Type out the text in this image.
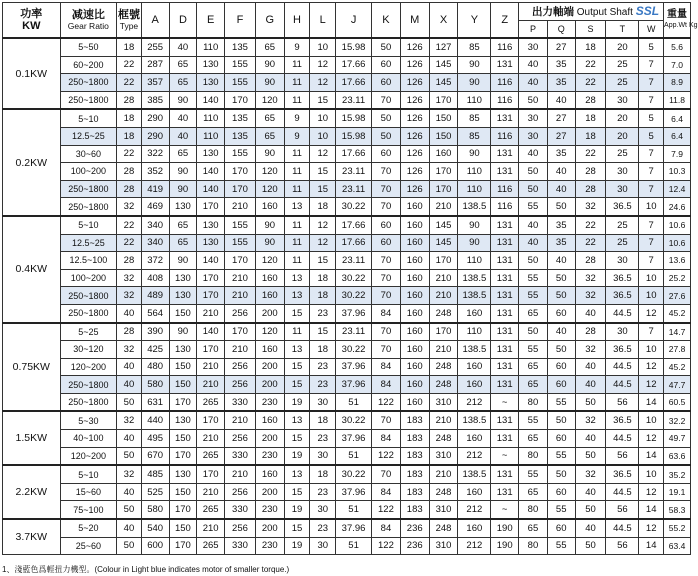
功率
KW	减速比
Gear Ratio	框號
Type	A	D	E	F	G	H	L	J	K	M	X	Y	Z	出力軸端 Output Shaft SSL					重量
App.Wt Kg

																P	Q	S	T	W	
0.1KW	5~50	18	255	40	110	135	65	9	10	15.98	50	126	127	85	116	30	27	18	20	5	5.6
	60~200	22	287	65	130	155	90	11	12	17.66	60	126	145	90	131	40	35	22	25	7	7.0
	250~1800	22	357	65	130	155	90	11	12	17.66	60	126	145	90	116	40	35	22	25	7	8.9
	250~1800	28	385	90	140	170	120	11	15	23.11	70	126	170	110	116	50	40	28	30	7	11.8
0.2KW	5~10	18	290	40	110	135	65	9	10	15.98	50	126	150	85	131	30	27	18	20	5	6.4
	12.5~25	18	290	40	110	135	65	9	10	15.98	50	126	150	85	116	30	27	18	20	5	6.4
	30~60	22	322	65	130	155	90	11	12	17.66	60	126	160	90	131	40	35	22	25	7	7.9
	100~200	28	352	90	140	170	120	11	15	23.11	70	126	170	110	131	50	40	28	30	7	10.3
	250~1800	28	419	90	140	170	120	11	15	23.11	70	126	170	110	116	50	40	28	30	7	12.4
	250~1800	32	469	130	170	210	160	13	18	30.22	70	160	210	138.5	116	55	50	32	36.5	10	24.6
0.4KW	5~10	22	340	65	130	155	90	11	12	17.66	60	160	145	90	131	40	35	22	25	7	10.6
	12.5~25	22	340	65	130	155	90	11	12	17.66	60	160	145	90	131	40	35	22	25	7	10.6
	12.5~100	28	372	90	140	170	120	11	15	23.11	70	160	170	110	131	50	40	28	30	7	13.6
	100~200	32	408	130	170	210	160	13	18	30.22	70	160	210	138.5	131	55	50	32	36.5	10	25.2
	250~1800	32	489	130	170	210	160	13	18	30.22	70	160	210	138.5	131	55	50	32	36.5	10	27.6
	250~1800	40	564	150	210	256	200	15	23	37.96	84	160	248	160	131	65	60	40	44.5	12	45.2
0.75KW	5~25	28	390	90	140	170	120	11	15	23.11	70	160	170	110	131	50	40	28	30	7	14.7
	30~120	32	425	130	170	210	160	13	18	30.22	70	160	210	138.5	131	55	50	32	36.5	10	27.8
	120~200	40	480	150	210	256	200	15	23	37.96	84	160	248	160	131	65	60	40	44.5	12	45.2
	250~1800	40	580	150	210	256	200	15	23	37.96	84	160	248	160	131	65	60	40	44.5	12	47.7
	250~1800	50	631	170	265	330	230	19	30	51	122	160	310	212	~	80	55	50	56	14	60.5
1.5KW	5~30	32	440	130	170	210	160	13	18	30.22	70	183	210	138.5	131	55	50	32	36.5	10	32.2
	40~100	40	495	150	210	256	200	15	23	37.96	84	183	248	160	131	65	60	40	44.5	12	49.7
	120~200	50	670	170	265	330	230	19	30	51	122	183	310	212	~	80	55	50	56	14	63.6
2.2KW	5~10	32	485	130	170	210	160	13	18	30.22	70	183	210	138.5	131	55	50	32	36.5	10	35.2
	15~60	40	525	150	210	256	200	15	23	37.96	84	183	248	160	131	65	60	40	44.5	12	19.1
	75~100	50	580	170	265	330	230	19	30	51	122	183	310	212	~	80	55	50	56	14	58.3
3.7KW	5~20	40	540	150	210	256	200	15	23	37.96	84	236	248	160	190	65	60	40	44.5	12	55.2
	25~60	50	600	170	265	330	230	19	30	51	122	236	310	212	190	80	55	50	56	14	63.4
1、淺藍色爲輕扭力機型。(Colour in Light blue indicates motor of smaller torque.)
